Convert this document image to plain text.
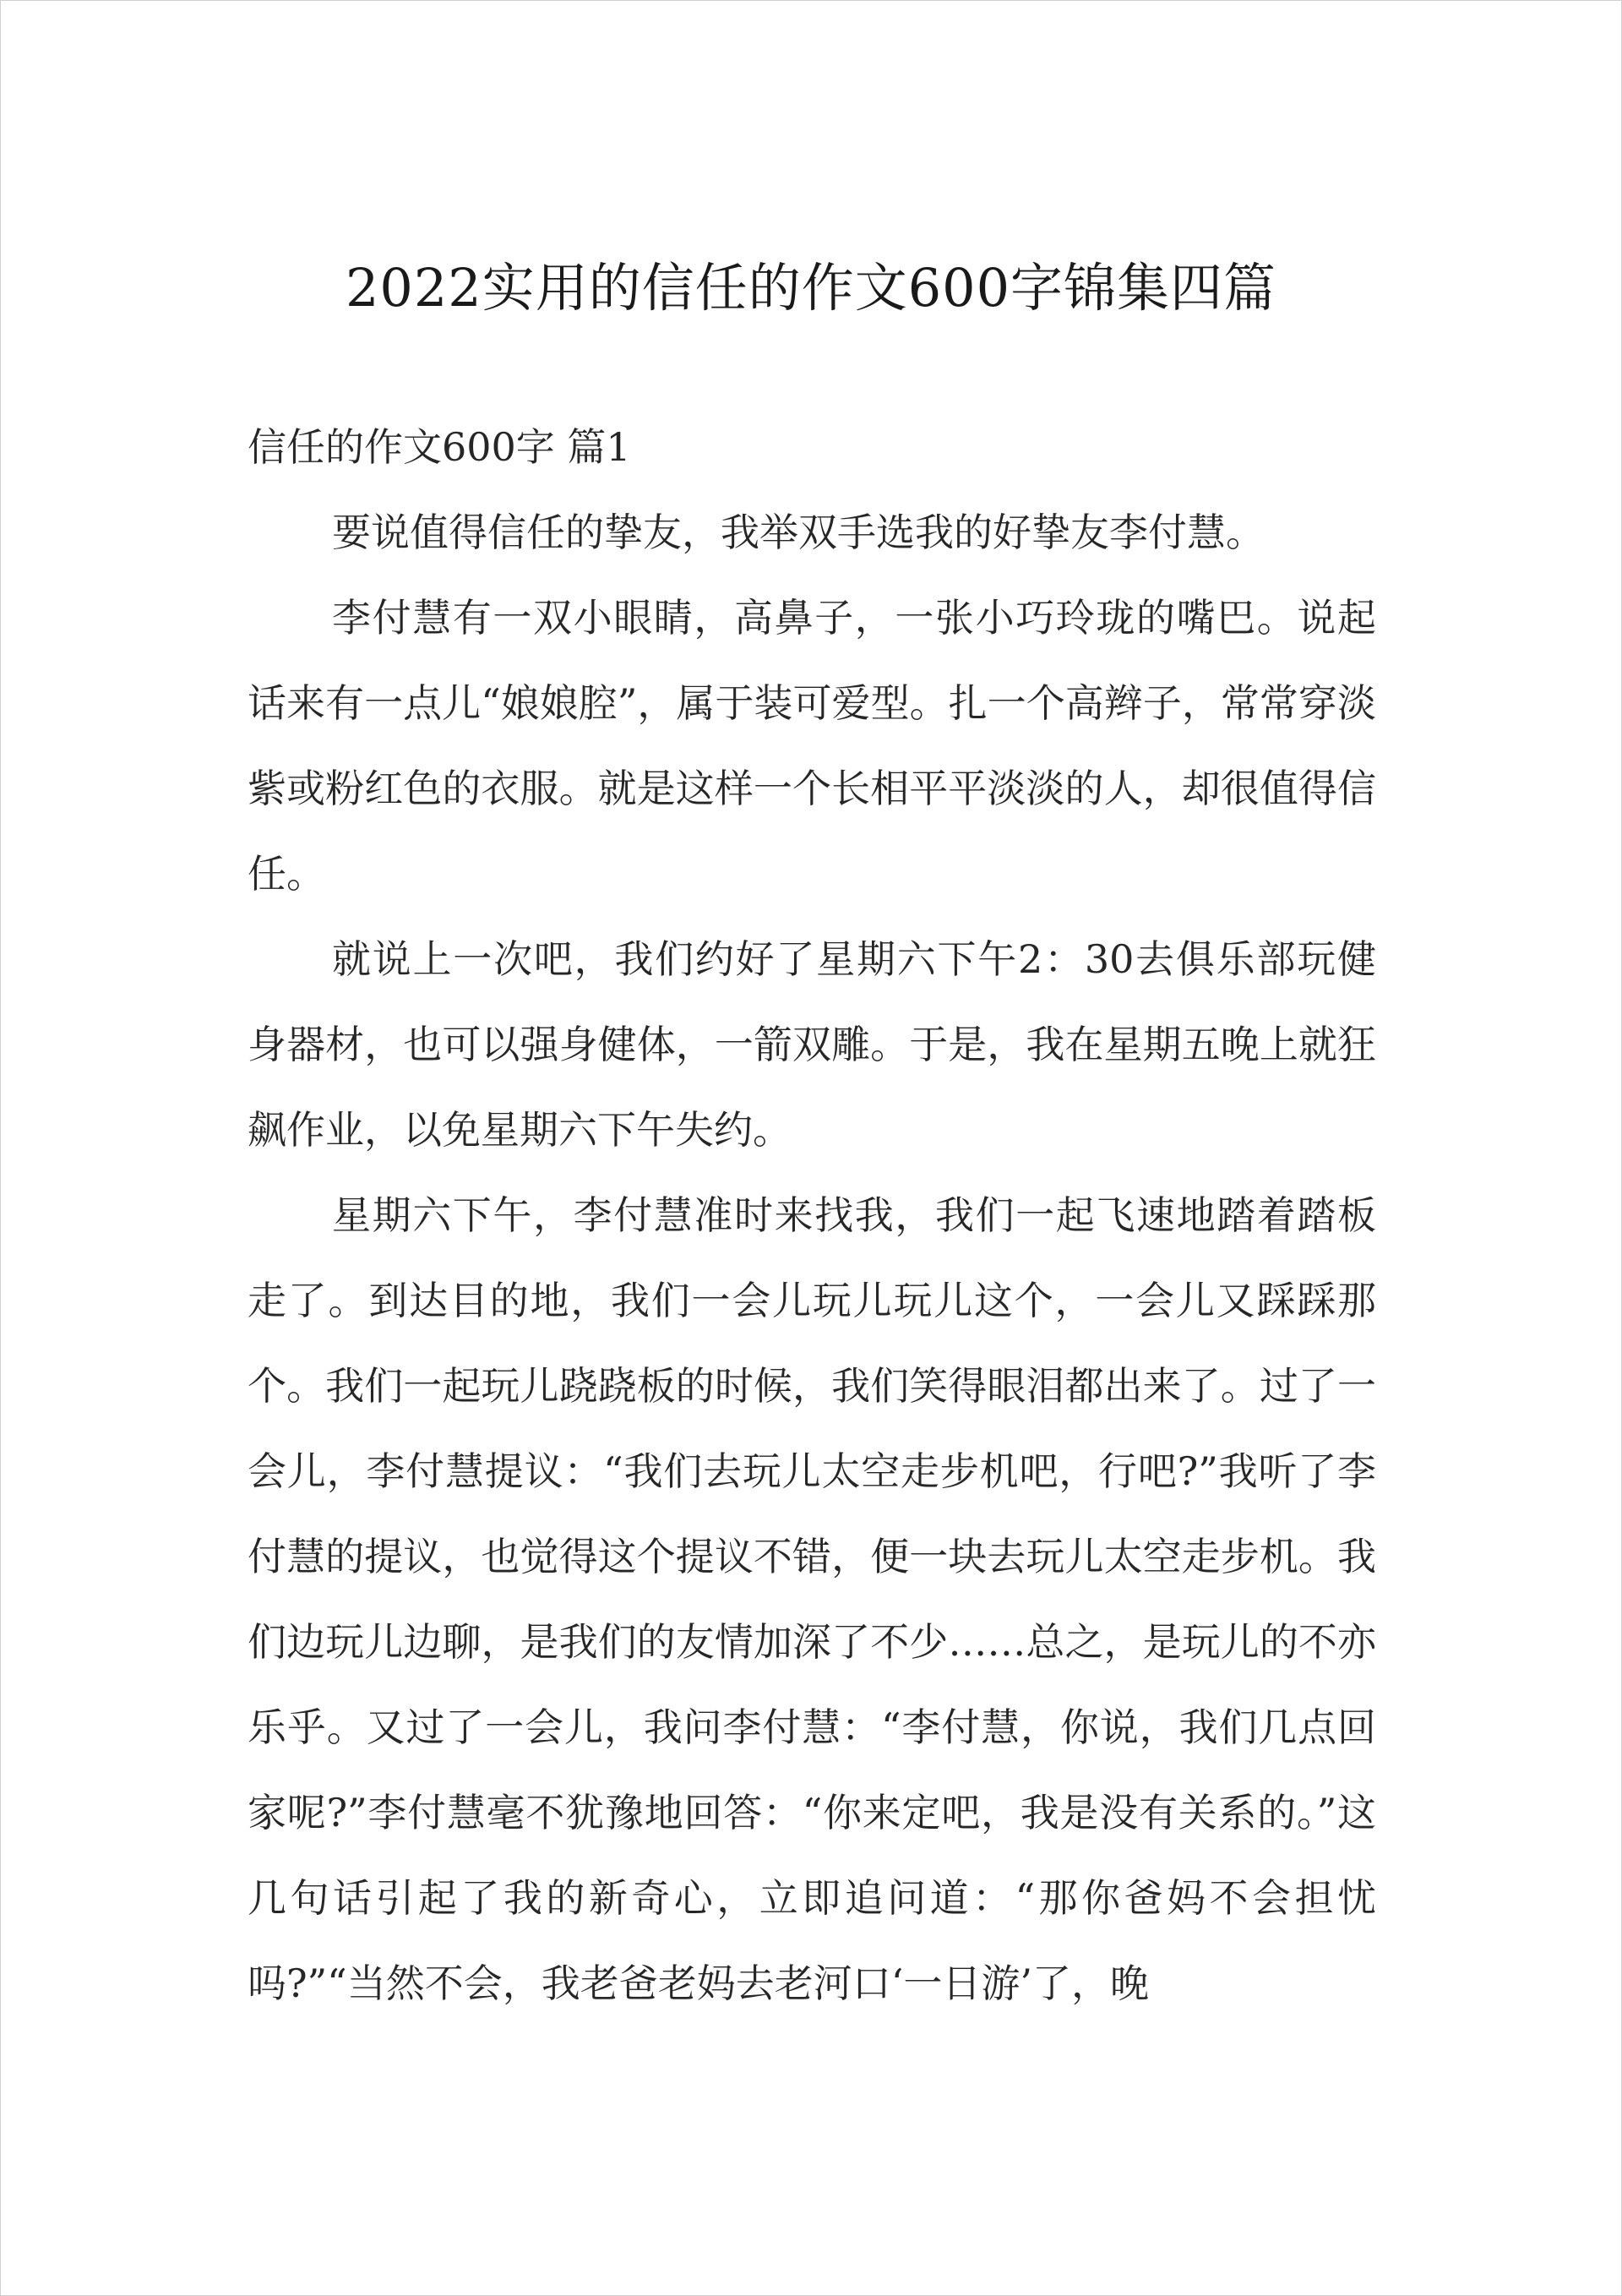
2022实用的信任的作文600字锦集四篇

信任的作文600字 篇1

要说值得信任的挚友，我举双手选我的好挚友李付慧。

李付慧有一双小眼睛，高鼻子，一张小巧玲珑的嘴巴。说起话来有一点儿“娘娘腔”，属于装可爱型。扎一个高辫子，常常穿淡紫或粉红色的衣服。就是这样一个长相平平淡淡的人，却很值得信任。

就说上一次吧，我们约好了星期六下午2：30去俱乐部玩健身器材，也可以强身健体，一箭双雕。于是，我在星期五晚上就狂飙作业，以免星期六下午失约。

星期六下午，李付慧准时来找我，我们一起飞速地踏着踏板走了。到达目的地，我们一会儿玩儿玩儿这个，一会儿又踩踩那个。我们一起玩儿跷跷板的时候，我们笑得眼泪都出来了。过了一会儿，李付慧提议：“我们去玩儿太空走步机吧，行吧?”我听了李付慧的提议，也觉得这个提议不错，便一块去玩儿太空走步机。我们边玩儿边聊，是我们的友情加深了不少……总之，是玩儿的不亦乐乎。又过了一会儿，我问李付慧：“李付慧，你说，我们几点回家呢?”李付慧毫不犹豫地回答：“你来定吧，我是没有关系的。”这几句话引起了我的新奇心，立即追问道：“那你爸妈不会担忧吗?”“当然不会，我老爸老妈去老河口‘一日游’了，晚
